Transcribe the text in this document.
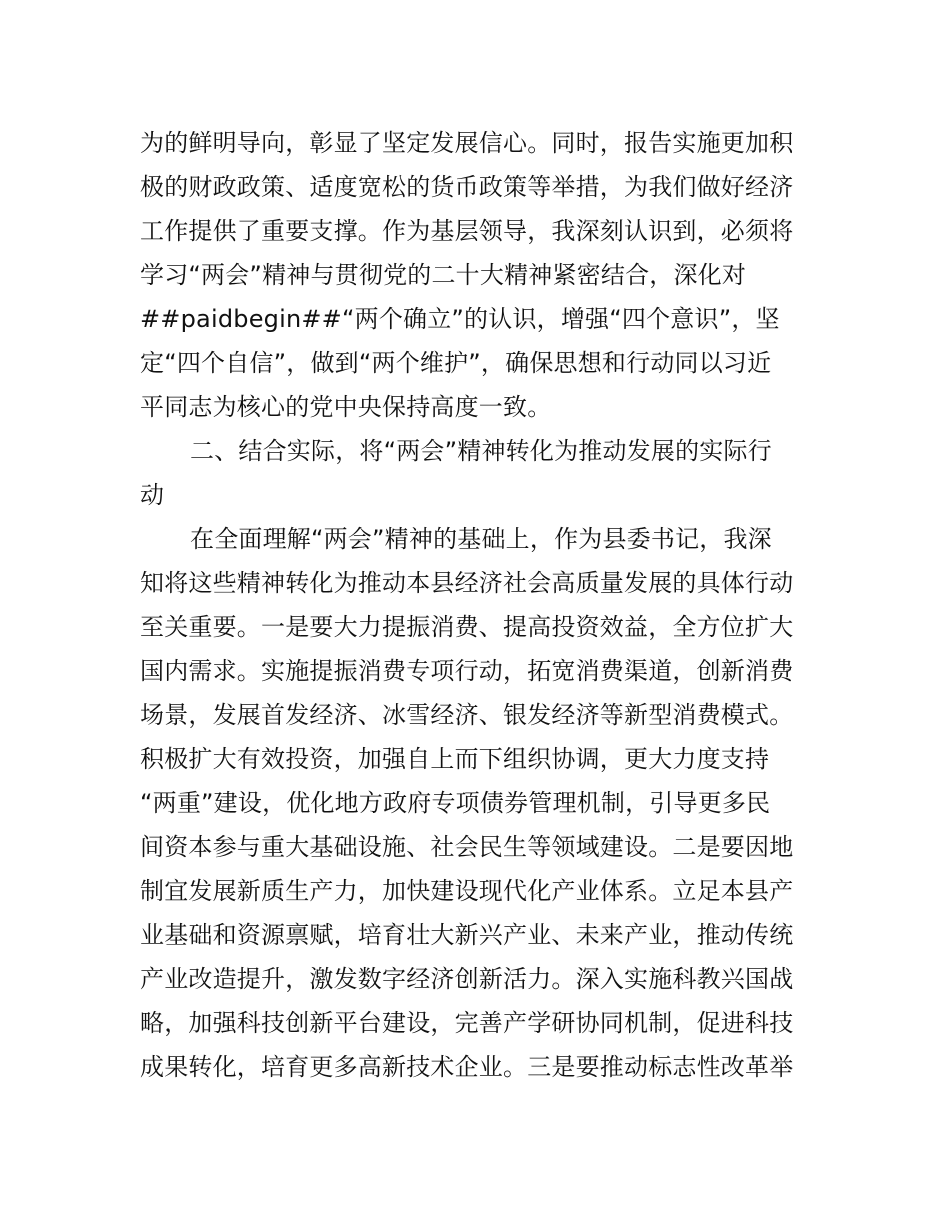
为的鲜明导向，彰显了坚定发展信心。同时，报告实施更加积
极的财政政策、适度宽松的货币政策等举措，为我们做好经济
工作提供了重要支撑。作为基层领导，我深刻认识到，必须将
学习“两会”精神与贯彻党的二十大精神紧密结合，深化对
##paidbegin##“两个确立”的认识，增强“四个意识”，坚
定“四个自信”，做到“两个维护”，确保思想和行动同以习近
平同志为核心的党中央保持高度一致。
二、结合实际，将“两会”精神转化为推动发展的实际行
动
在全面理解“两会”精神的基础上，作为县委书记，我深
知将这些精神转化为推动本县经济社会高质量发展的具体行动
至关重要。一是要大力提振消费、提高投资效益，全方位扩大
国内需求。实施提振消费专项行动，拓宽消费渠道，创新消费
场景，发展首发经济、冰雪经济、银发经济等新型消费模式。
积极扩大有效投资，加强自上而下组织协调，更大力度支持
“两重”建设，优化地方政府专项债券管理机制，引导更多民
间资本参与重大基础设施、社会民生等领域建设。二是要因地
制宜发展新质生产力，加快建设现代化产业体系。立足本县产
业基础和资源禀赋，培育壮大新兴产业、未来产业，推动传统
产业改造提升，激发数字经济创新活力。深入实施科教兴国战
略，加强科技创新平台建设，完善产学研协同机制，促进科技
成果转化，培育更多高新技术企业。三是要推动标志性改革举
